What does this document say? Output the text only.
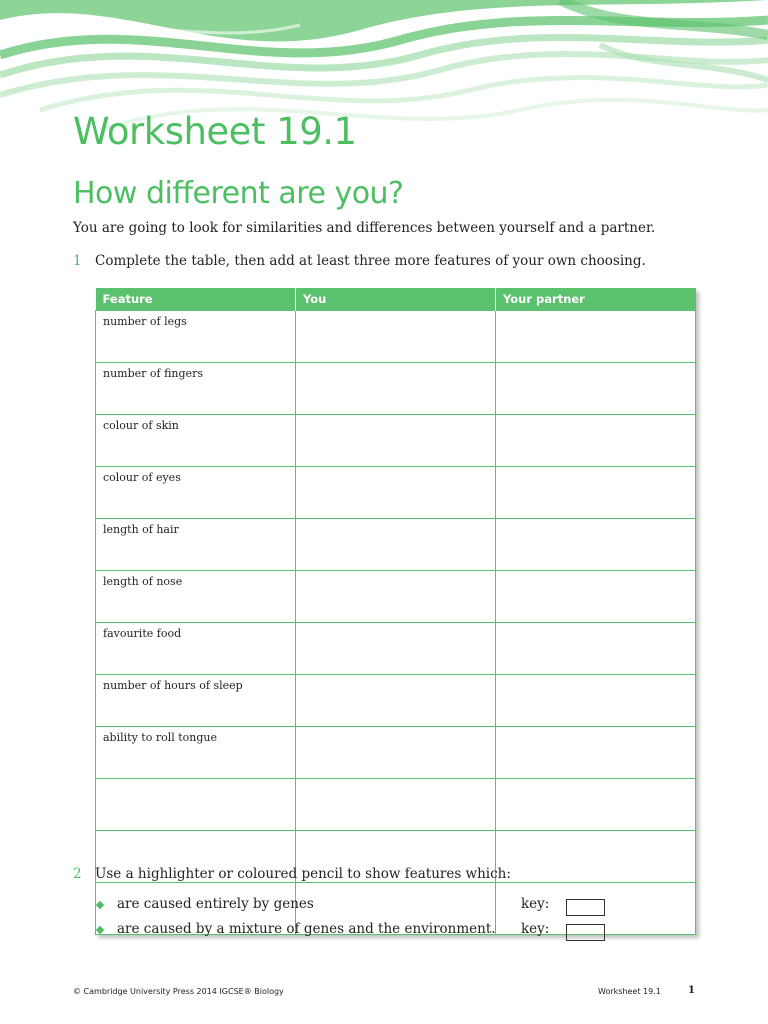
Worksheet 19.1
How different are you?
You are going to look for similarities and differences between yourself and a partner.
1 Complete the table, then add at least three more features of your own choosing.
Feature	You	Your partner
number of legs		
number of fingers		
colour of skin		
colour of eyes		
length of hair		
length of nose		
favourite food		
number of hours of sleep		
ability to roll tongue		

2 Use a highlighter or coloured pencil to show features which:
are caused entirely by genes	key:
are caused by a mixture of genes and the environment. key:
© Cambridge University Press 2014 IGCSE® Biology	Worksheet 19.1	1
